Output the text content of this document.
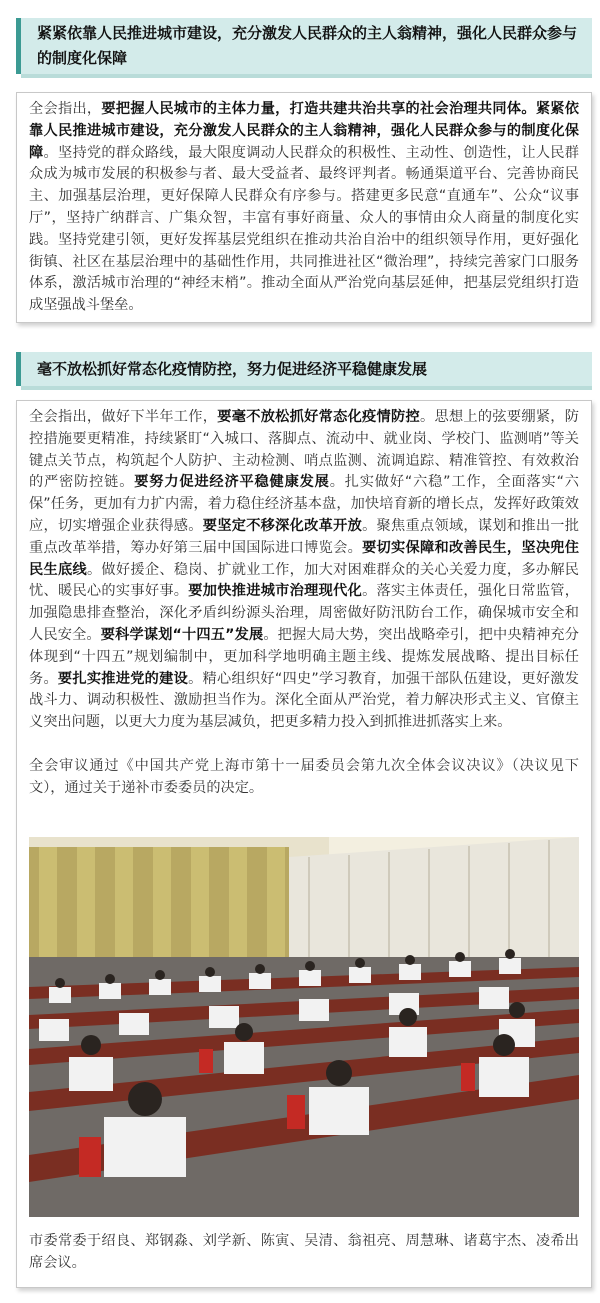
紧紧依靠人民推进城市建设，充分激发人民群众的主人翁精神，强化人民群众参与的制度化保障

全会指出，要把握人民城市的主体力量，打造共建共治共享的社会治理共同体。紧紧依靠人民推进城市建设，充分激发人民群众的主人翁精神，强化人民群众参与的制度化保障。坚持党的群众路线，最大限度调动人民群众的积极性、主动性、创造性，让人民群众成为城市发展的积极参与者、最大受益者、最终评判者。畅通渠道平台、完善协商民主、加强基层治理，更好保障人民群众有序参与。搭建更多民意“直通车”、公众“议事厅”，坚持广纳群言、广集众智，丰富有事好商量、众人的事情由众人商量的制度化实践。坚持党建引领，更好发挥基层党组织在推动共治自治中的组织领导作用，更好强化街镇、社区在基层治理中的基础性作用，共同推进社区“微治理”，持续完善家门口服务体系，激活城市治理的“神经末梢”。推动全面从严治党向基层延伸，把基层党组织打造成坚强战斗堡垒。

毫不放松抓好常态化疫情防控，努力促进经济平稳健康发展

全会指出，做好下半年工作，要毫不放松抓好常态化疫情防控。思想上的弦要绷紧，防控措施要更精准，持续紧盯“入城口、落脚点、流动中、就业岗、学校门、监测哨”等关键点关节点，构筑起个人防护、主动检测、哨点监测、流调追踪、精准管控、有效救治的严密防控链。要努力促进经济平稳健康发展。扎实做好“六稳”工作，全面落实“六保”任务，更加有力扩内需，着力稳住经济基本盘，加快培育新的增长点，发挥好政策效应，切实增强企业获得感。要坚定不移深化改革开放。聚焦重点领域，谋划和推出一批重点改革举措，筹办好第三届中国国际进口博览会。要切实保障和改善民生，坚决兜住民生底线。做好援企、稳岗、扩就业工作，加大对困难群众的关心关爱力度，多办解民忧、暖民心的实事好事。要加快推进城市治理现代化。落实主体责任，强化日常监管，加强隐患排查整治，深化矛盾纠纷源头治理，周密做好防汛防台工作，确保城市安全和人民安全。要科学谋划“十四五”发展。把握大局大势，突出战略牵引，把中央精神充分体现到“十四五”规划编制中，更加科学地明确主题主线、提炼发展战略、提出目标任务。要扎实推进党的建设。精心组织好“四史”学习教育，加强干部队伍建设，更好激发战斗力、调动积极性、激励担当作为。深化全面从严治党，着力解决形式主义、官僚主义突出问题，以更大力度为基层减负，把更多精力投入到抓推进抓落实上来。

全会审议通过《中国共产党上海市第十一届委员会第九次全体会议决议》（决议见下文），通过关于递补市委委员的决定。

市委常委于绍良、郑钢淼、刘学新、陈寅、吴清、翁祖亮、周慧琳、诸葛宇杰、凌希出席会议。
